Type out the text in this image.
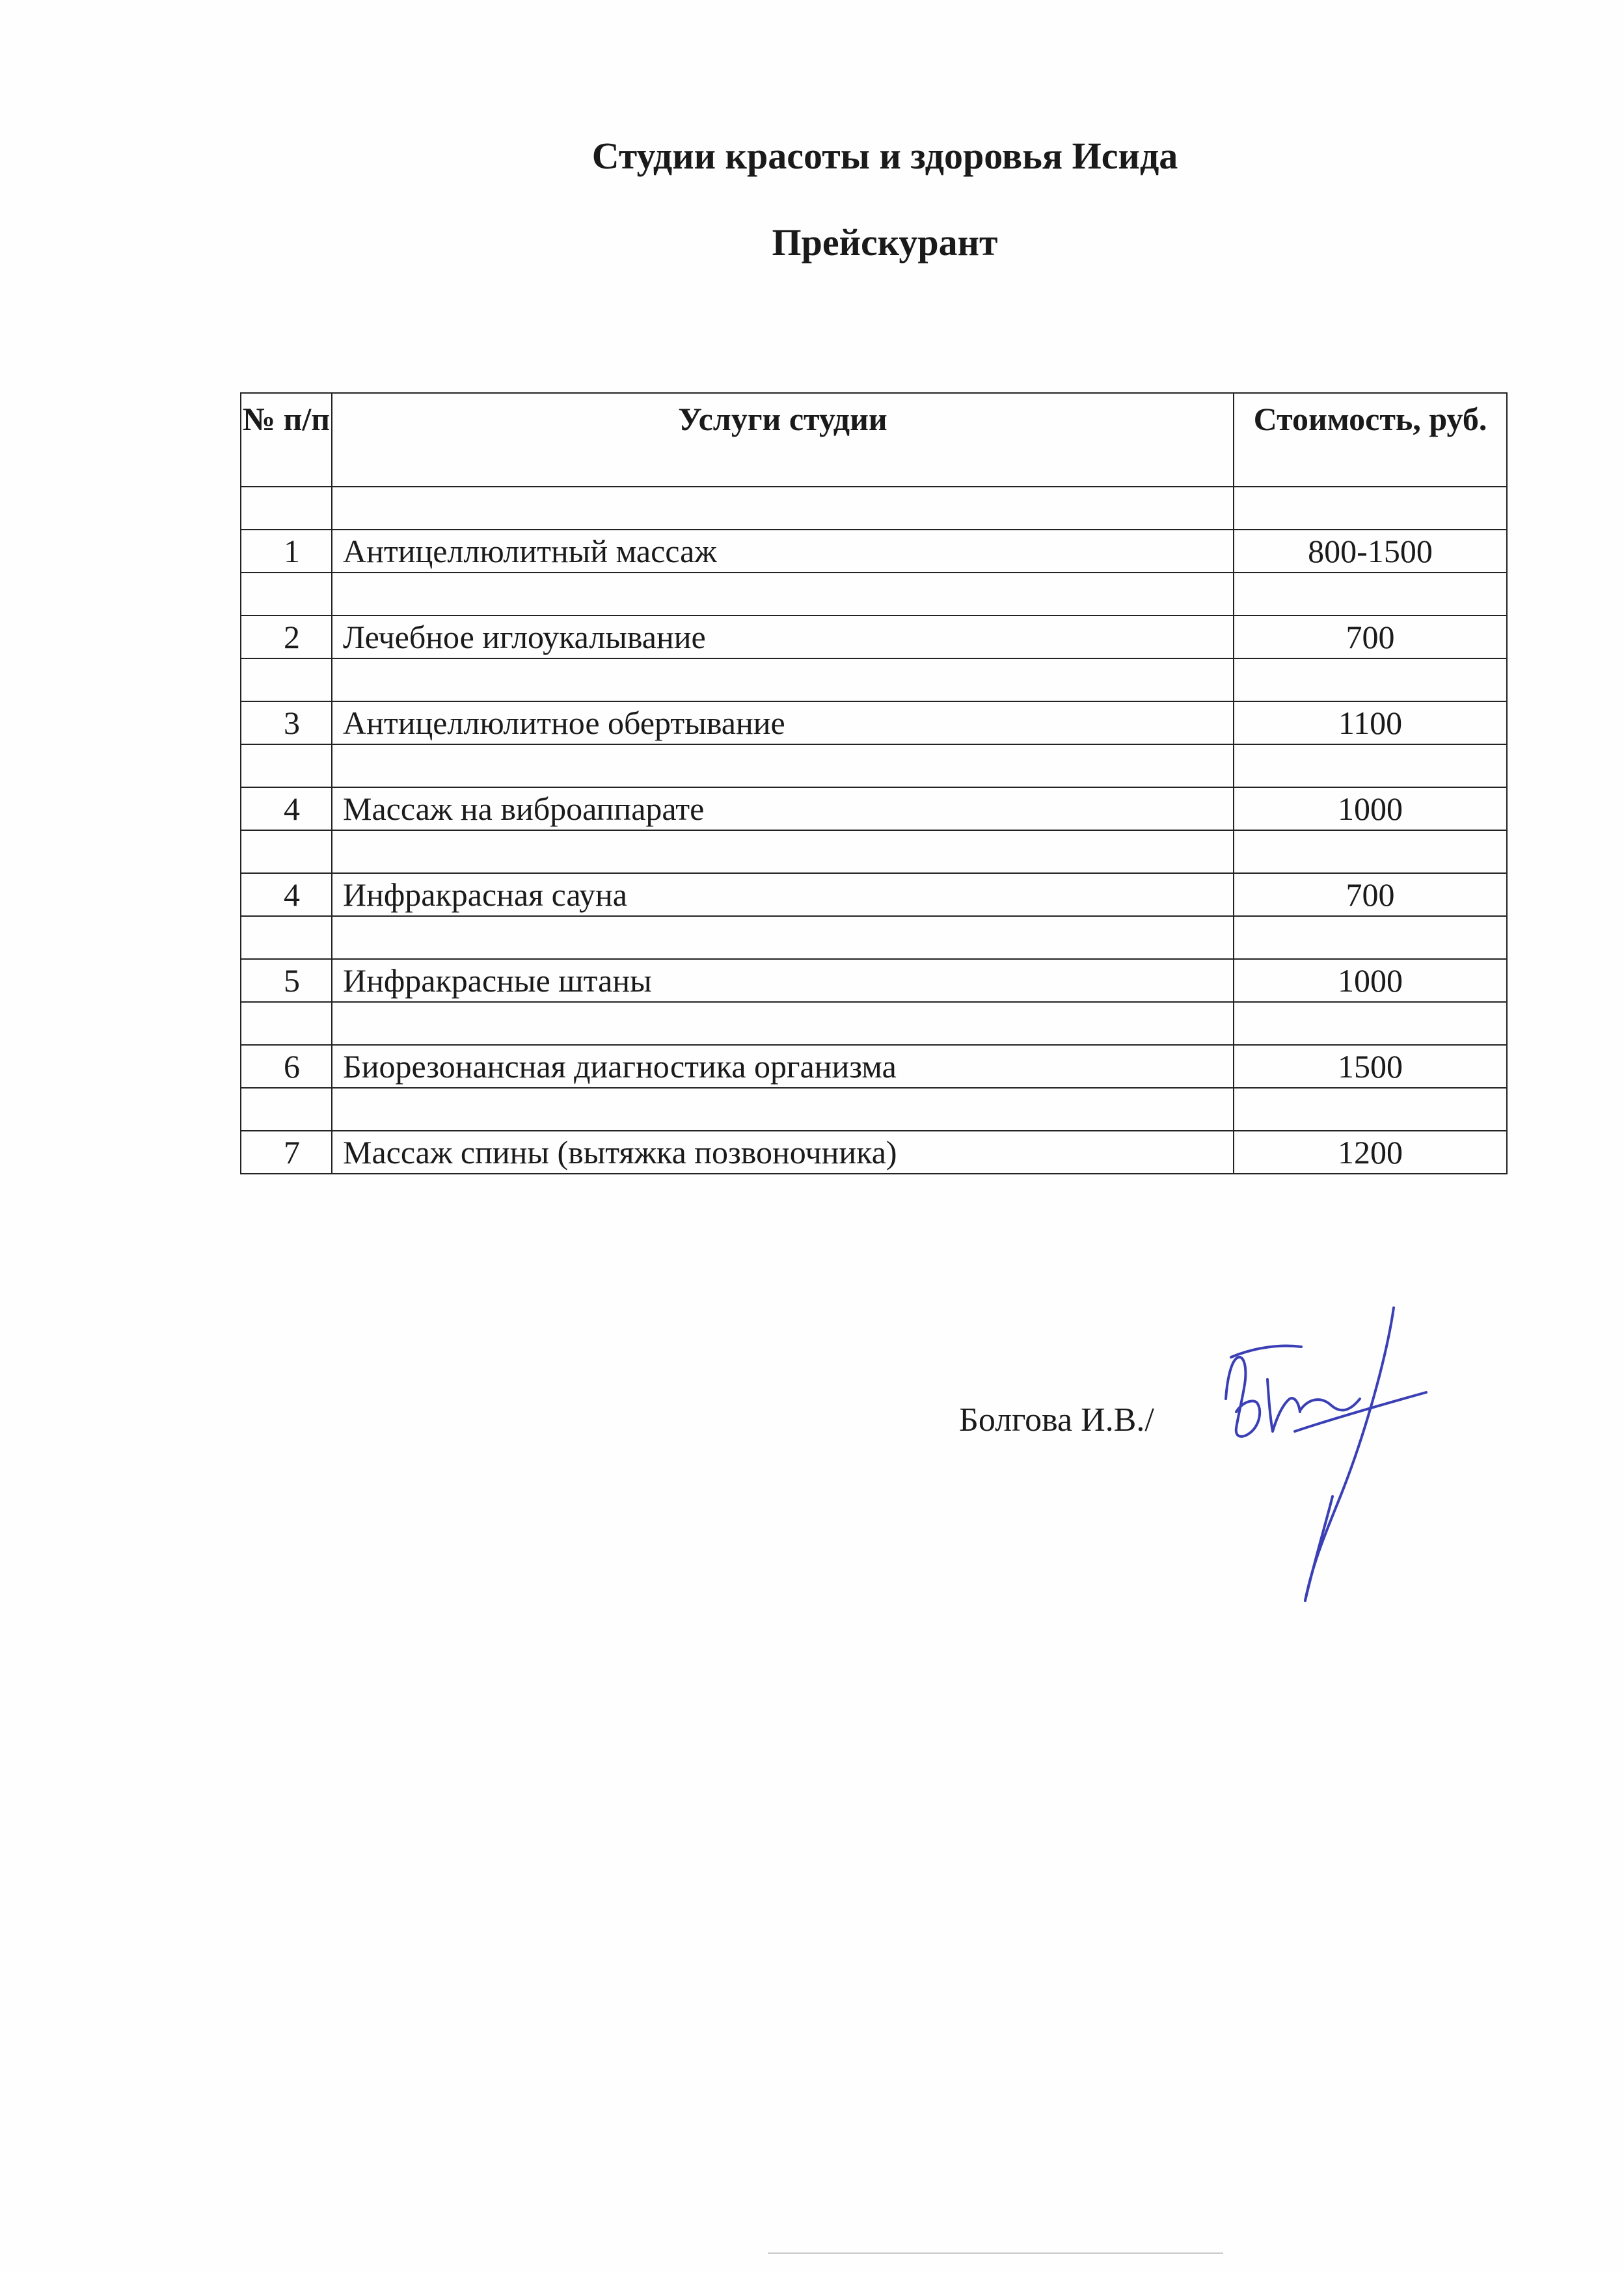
Студии красоты и здоровья Исида
Прейскурант
№ п/п	Услуги студии	Стоимость, руб.

1	Антицеллюлитный массаж	800-1500

2	Лечебное иглоукалывание	700

3	Антицеллюлитное обертывание	1100

4	Массаж на виброаппарате	1000

4	Инфракрасная сауна	700

5	Инфракрасные штаны	1000

6	Биорезонансная диагностика организма	1500

7	Массаж спины (вытяжка позвоночника)	1200
Болгова И.В./
